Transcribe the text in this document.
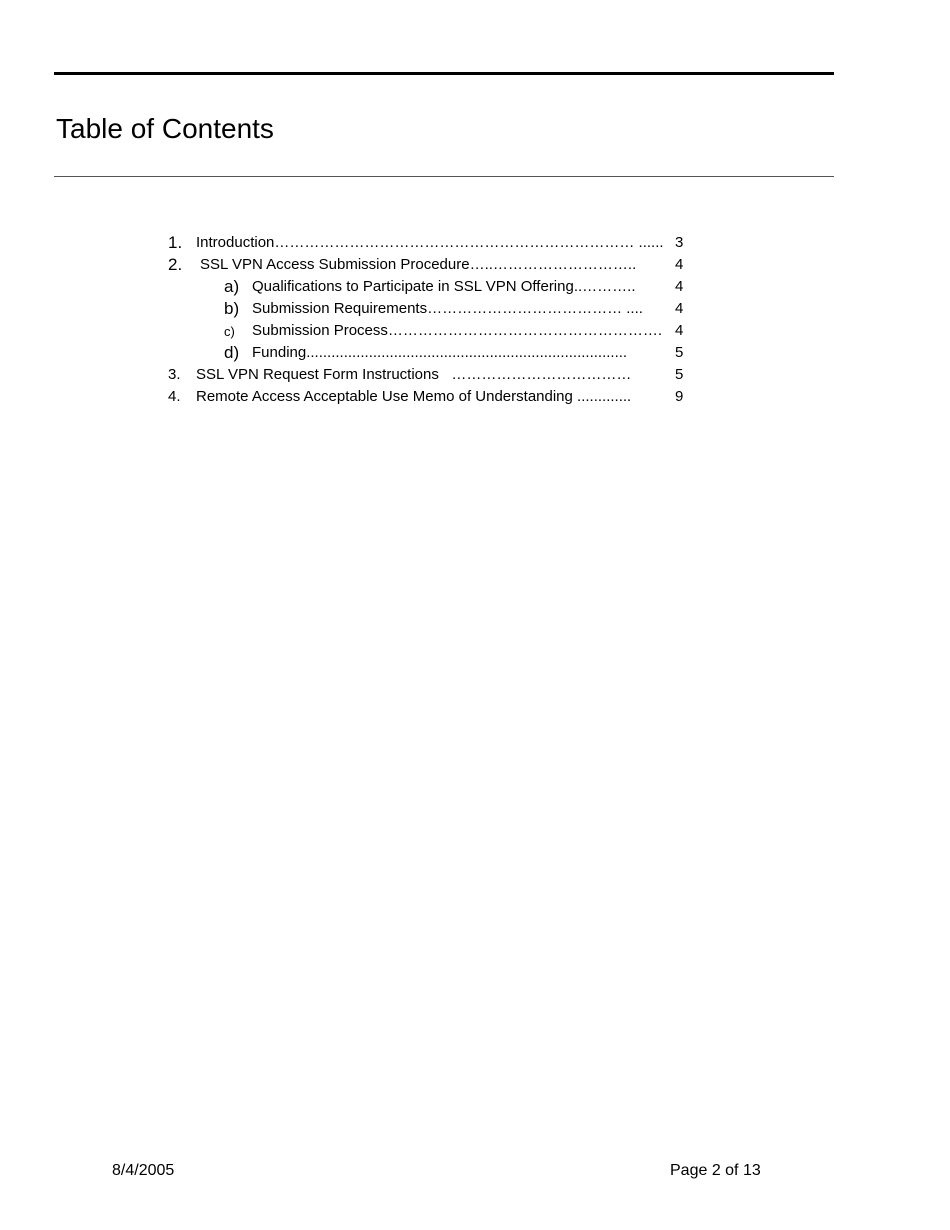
Table of Contents
1. Introduction……………………………………………………………… ...... 3
2. SSL VPN Access Submission Procedure…..………………………..	4
a) Qualifications to Participate in SSL VPN Offering..………..	4
b) Submission Requirements………………………………… .... 4
c) Submission Process………………………………………………. 4
d) Funding.............................................................................	5
3. SSL VPN Request Form Instructions   ………………………………	5
4. Remote Access Acceptable Use Memo of Understanding .............	9
8/4/2005	Page 2 of 13
